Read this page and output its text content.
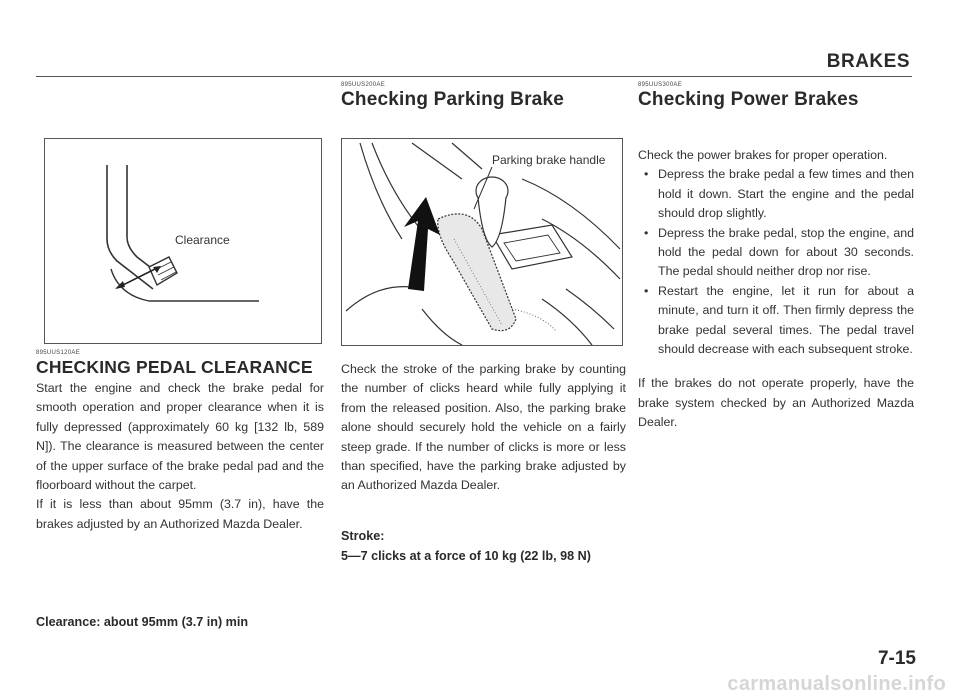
BRAKES
Clearance
895UUS120AE
CHECKING PEDAL CLEARANCE

Start the engine and check the brake pedal for smooth operation and proper clearance when it is fully depressed (approximately 60 kg [132 lb, 589 N]). The clearance is measured between the center of the upper surface of the brake pedal pad and the floorboard without the carpet.

If it is less than about 95mm (3.7 in), have the brakes adjusted by an Authorized Mazda Dealer.

Clearance: about 95mm (3.7 in) min
895UUS200AE
Checking Parking Brake
Parking brake handle
Check the stroke of the parking brake by counting the number of clicks heard while fully applying it from the released position. Also, the parking brake alone should securely hold the vehicle on a fairly steep grade. If the number of clicks is more or less than specified, have the parking brake adjusted by an Authorized Mazda Dealer.
Stroke:
5—7 clicks at a force of 10 kg (22 lb, 98 N)
895UUS300AE
Checking Power Brakes

Check the power brakes for proper operation.

• Depress the brake pedal a few times and then hold it down. Start the engine and the pedal should drop slightly.
• Depress the brake pedal, stop the engine, and hold the pedal down for about 30 seconds. The pedal should neither drop nor rise.
• Restart the engine, let it run for about a minute, and turn it off. Then firmly depress the brake pedal several times. The pedal travel should decrease with each subsequent stroke.

If the brakes do not operate properly, have the brake system checked by an Authorized Mazda Dealer.

7-15
carmanualsonline.info
